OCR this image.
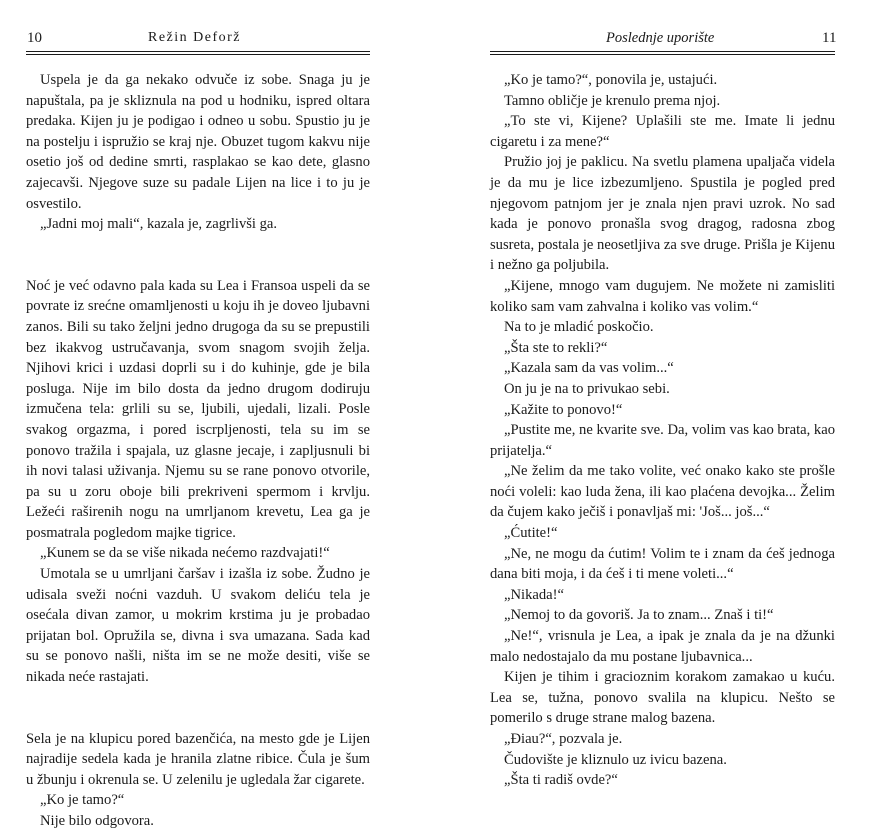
10	Režin Deforž

Uspela je da ga nekako odvuče iz sobe. Snaga ju je napuštala, pa je skliznula na pod u hodniku, ispred oltara predaka. Kijen ju je podigao i odneo u sobu. Spustio ju je na postelju i ispružio se kraj nje. Obuzet tugom kakvu nije osetio još od dedine smrti, rasplakao se kao dete, glasno zajecavši. Njegove suze su padale Lijen na lice i to ju je osvestilo.

„Jadni moj mali“, kazala je, zagrlivši ga.

Noć je već odavno pala kada su Lea i Fransoa uspeli da se povrate iz srećne omamljenosti u koju ih je doveo ljubavni zanos. Bili su tako željni jedno drugoga da su se prepustili bez ikakvog ustručavanja, svom snagom svojih želja. Njihovi krici i uzdasi doprli su i do kuhinje, gde je bila posluga. Nije im bilo dosta da jedno drugom dodiruju izmučena tela: grlili su se, ljubili, ujedali, lizali. Posle svakog orgazma, i pored iscrpljenosti, tela su im se ponovo tražila i spajala, uz glasne jecaje, i zapljusnuli bi ih novi talasi uživanja. Njemu su se rane ponovo otvorile, pa su u zoru oboje bili prekriveni spermom i krvlju. Ležeći raširenih nogu na umrljanom krevetu, Lea ga je posmatrala pogledom majke tigrice.

„Kunem se da se više nikada nećemo razdvajati!“

Umotala se u umrljani čaršav i izašla iz sobe. Žudno je udisala sveži noćni vazduh. U svakom deliću tela je osećala divan zamor, u mokrim krstima ju je probadao prijatan bol. Opružila se, divna i sva umazana. Sada kad su se ponovo našli, ništa im se ne može desiti, više se nikada neće rastajati.

Sela je na klupicu pored bazenčića, na mesto gde je Lijen najradije sedela kada je hranila zlatne ribice. Čula je šum u žbunju i okrenula se. U zelenilu je ugledala žar cigarete.

„Ko je tamo?“

Nije bilo odgovora.

Poslednje uporište	11

„Ko je tamo?“, ponovila je, ustajući.

Tamno obličje je krenulo prema njoj.

„To ste vi, Kijene? Uplašili ste me. Imate li jednu cigaretu i za mene?“

Pružio joj je paklicu. Na svetlu plamena upaljača videla je da mu je lice izbezumljeno. Spustila je pogled pred njegovom patnjom jer je znala njen pravi uzrok. No sad kada je ponovo pronašla svog dragog, radosna zbog susreta, postala je neosetljiva za sve druge. Prišla je Kijenu i nežno ga poljubila.

„Kijene, mnogo vam dugujem. Ne možete ni zamisliti koliko sam vam zahvalna i koliko vas volim.“

Na to je mladić poskočio.

„Šta ste to rekli?“

„Kazala sam da vas volim...“

On ju je na to privukao sebi.

„Kažite to ponovo!“

„Pustite me, ne kvarite sve. Da, volim vas kao brata, kao prijatelja.“

„Ne želim da me tako volite, već onako kako ste prošle noći voleli: kao luda žena, ili kao plaćena devojka... Želim da čujem kako ječiš i ponavljaš mi: 'Još... još...“

„Ćutite!“

„Ne, ne mogu da ćutim! Volim te i znam da ćeš jednoga dana biti moja, i da ćeš i ti mene voleti...“

„Nikada!“

„Nemoj to da govoriš. Ja to znam... Znaš i ti!“

„Ne!“, vrisnula je Lea, a ipak je znala da je na džunki malo nedostajalo da mu postane ljubavnica...

Kijen je tihim i gracioznim korakom zamakao u kuću. Lea se, tužna, ponovo svalila na klupicu. Nešto se pomerilo s druge strane malog bazena.

„Điau?“, pozvala je.

Čudovište je kliznulo uz ivicu bazena.

„Šta ti radiš ovde?“
